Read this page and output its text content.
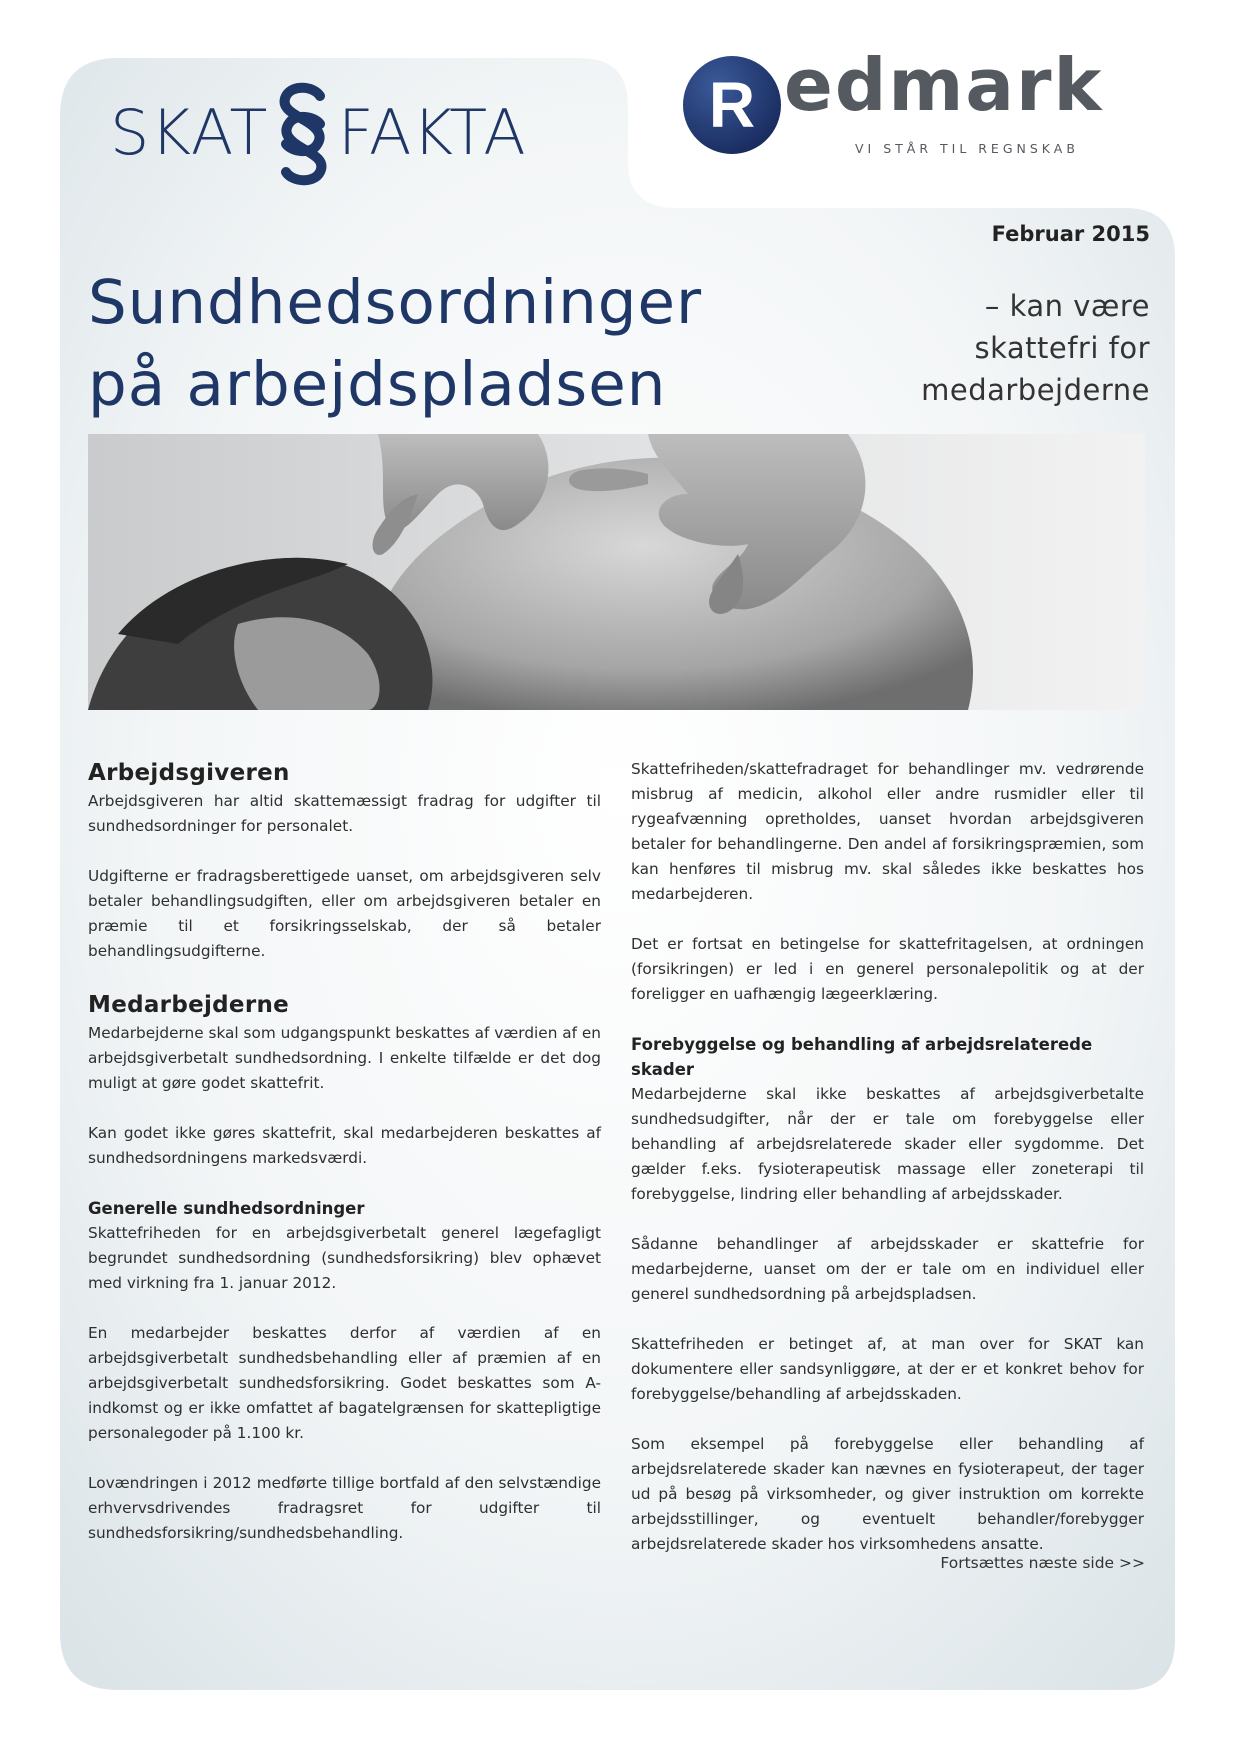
SKAT FAKTA	R edmark
VI STÅR TIL REGNSKAB
Februar 2015
Sundhedsordninger
på arbejdspladsen
– kan være
skattefri for
medarbejderne
Arbejdsgiveren

Arbejdsgiveren har altid skattemæssigt fradrag for udgifter til sundhedsordninger for personalet.

Udgifterne er fradragsberettigede uanset, om arbejdsgiveren selv betaler behandlingsudgiften, eller om arbejdsgiveren betaler en præmie til et forsikringsselskab, der så betaler behandlingsudgifterne.

Medarbejderne

Medarbejderne skal som udgangspunkt beskattes af værdien af en arbejdsgiverbetalt sundhedsordning. I enkelte tilfælde er det dog muligt at gøre godet skattefrit.

Kan godet ikke gøres skattefrit, skal medarbejderen beskattes af sundhedsordningens markedsværdi.

Generelle sundhedsordninger

Skattefriheden for en arbejdsgiverbetalt generel lægefagligt begrundet sundhedsordning (sundhedsforsikring) blev ophævet med virkning fra 1. januar 2012.

En medarbejder beskattes derfor af værdien af en arbejdsgiverbetalt sundhedsbehandling eller af præmien af en arbejdsgiverbetalt sundhedsforsikring. Godet beskattes som A-indkomst og er ikke omfattet af bagatelgrænsen for skattepligtige personalegoder på 1.100 kr.

Lovændringen i 2012 medførte tillige bortfald af den selvstændige erhvervsdrivendes fradragsret for udgifter til sundhedsforsikring/sundhedsbehandling.

Skattefriheden/skattefradraget for behandlinger mv. vedrørende misbrug af medicin, alkohol eller andre rusmidler eller til rygeafvænning opretholdes, uanset hvordan arbejdsgiveren betaler for behandlingerne. Den andel af forsikringspræmien, som kan henføres til misbrug mv. skal således ikke beskattes hos medarbejderen.

Det er fortsat en betingelse for skattefritagelsen, at ordningen (forsikringen) er led i en generel personalepolitik og at der foreligger en uafhængig lægeerklæring.

Forebyggelse og behandling af arbejdsrelaterede skader

Medarbejderne skal ikke beskattes af arbejdsgiverbetalte sundhedsudgifter, når der er tale om forebyggelse eller behandling af arbejdsrelaterede skader eller sygdomme. Det gælder f.eks. fysioterapeutisk massage eller zoneterapi til forebyggelse, lindring eller behandling af arbejdsskader.

Sådanne behandlinger af arbejdsskader er skattefrie for medarbejderne, uanset om der er tale om en individuel eller generel sundhedsordning på arbejdspladsen.

Skattefriheden er betinget af, at man over for SKAT kan dokumentere eller sandsynliggøre, at der er et konkret behov for forebyggelse/behandling af arbejdsskaden.

Som eksempel på forebyggelse eller behandling af arbejdsrelaterede skader kan nævnes en fysioterapeut, der tager ud på besøg på virksomheder, og giver instruktion om korrekte arbejdsstillinger, og eventuelt behandler/forebygger arbejdsrelaterede skader hos virksomhedens ansatte.

Fortsættes næste side >>
